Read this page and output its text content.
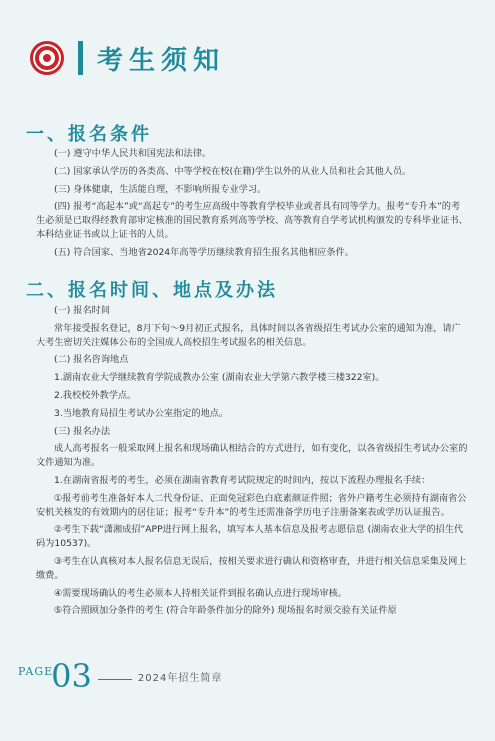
考生须知
一、报名条件

(一) 遵守中华人民共和国宪法和法律。

(二) 国家承认学历的各类高、中等学校在校(在籍)学生以外的从业人员和社会其他人员。

(三) 身体健康，生活能自理，不影响所报专业学习。

(四) 报考“高起本”或“高起专”的考生应高级中等教育学校毕业或者具有同等学力。报考“专升本”的考生必须是已取得经教育部审定核准的国民教育系列高等学校、高等教育自学考试机构颁发的专科毕业证书、本科结业证书或以上证书的人员。

(五) 符合国家、当地省2024年高等学历继续教育招生报名其他相应条件。

二、报名时间、地点及办法

(一) 报名时间

常年接受报名登记，8月下旬～9月初正式报名，具体时间以各省级招生考试办公室的通知为准，请广大考生密切关注媒体公布的全国成人高校招生考试报名的相关信息。

(二) 报名咨询地点

1.湖南农业大学继续教育学院成教办公室 (湖南农业大学第六教学楼三楼322室)。

2.我校校外教学点。

3.当地教育局招生考试办公室指定的地点。

(三) 报名办法

成人高考报名一般采取网上报名和现场确认相结合的方式进行，如有变化，以各省级招生考试办公室的文件通知为准。

1.在湖南省报考的考生，必须在湖南省教育考试院规定的时间内，按以下流程办理报名手续：

①报考前考生准备好本人二代身份证、正面免冠彩色白底素颜证件照；省外户籍考生必须持有湖南省公安机关核发的有效期内的居住证；报考“专升本”的考生还需准备学历电子注册备案表或学历认证报告。

②考生下载“潇湘成招”APP进行网上报名，填写本人基本信息及报考志愿信息 (湖南农业大学的招生代码为10537)。

③考生在认真核对本人报名信息无误后，按相关要求进行确认和资格审查，并进行相关信息采集及网上缴费。

④需要现场确认的考生必须本人持相关证件到报名确认点进行现场审核。

⑤符合照顾加分条件的考生 (符合年龄条件加分的除外) 现场报名时须交验有关证件原

PAGE
03	2024年招生简章
